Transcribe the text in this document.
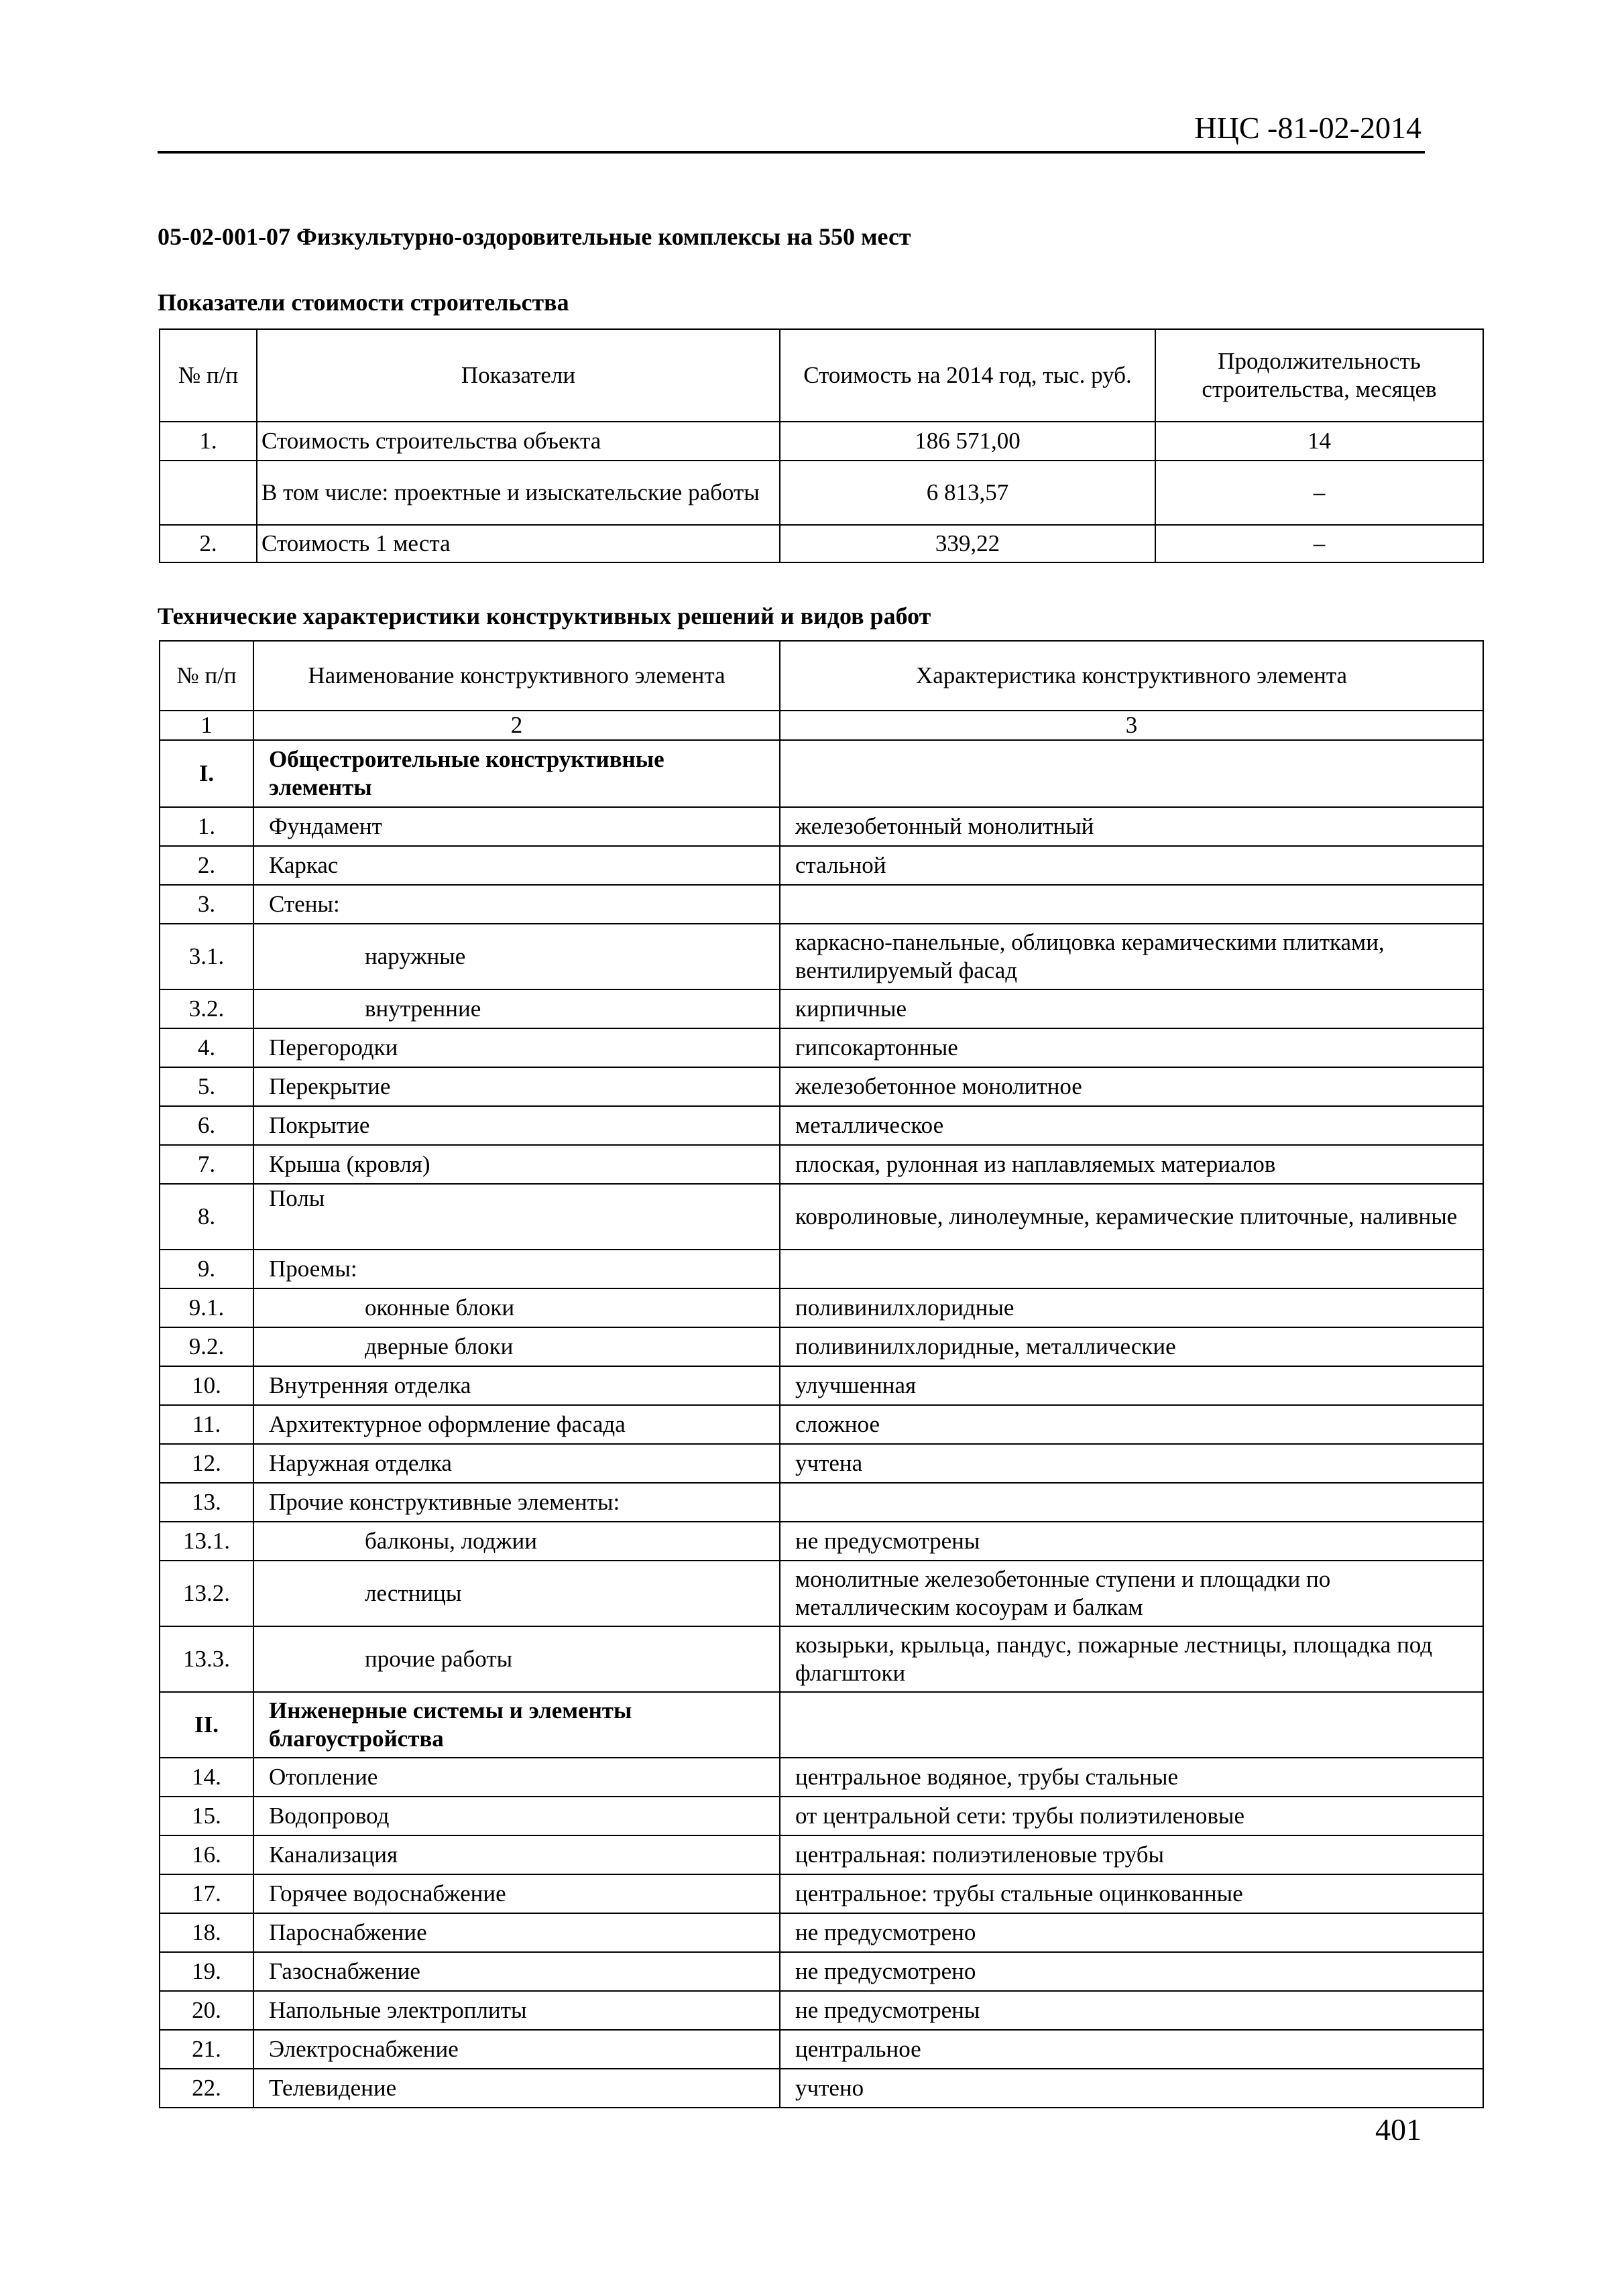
НЦС -81-02-2014
05-02-001-07 Физкультурно-оздоровительные комплексы на 550 мест
Показатели стоимости строительства
№ п/п	Показатели	Стоимость на 2014 год, тыс. руб.	Продолжительность строительства, месяцев
1.	Стоимость строительства объекта	186 571,00	14
	В том числе: проектные и изыскательские работы	6 813,57	–
2.	Стоимость 1 места	339,22	–
Технические характеристики конструктивных решений и видов работ
№ п/п	Наименование конструктивного элемента	Характеристика конструктивного элемента
1	2	3
I.	Общестроительные конструктивные элементы	
1.	Фундамент	железобетонный монолитный
2.	Каркас	стальной
3.	Стены:	
3.1.	наружные	каркасно-панельные, облицовка керамическими плитками, вентилируемый фасад
3.2.	внутренние	кирпичные
4.	Перегородки	гипсокартонные
5.	Перекрытие	железобетонное монолитное
6.	Покрытие	металлическое
7.	Крыша (кровля)	плоская, рулонная из наплавляемых материалов
8.	Полы	ковролиновые, линолеумные, керамические плиточные, наливные
9.	Проемы:	
9.1.	оконные блоки	поливинилхлоридные
9.2.	дверные блоки	поливинилхлоридные, металлические
10.	Внутренняя отделка	улучшенная
11.	Архитектурное оформление фасада	сложное
12.	Наружная отделка	учтена
13.	Прочие конструктивные элементы:	
13.1.	балконы, лоджии	не предусмотрены
13.2.	лестницы	монолитные железобетонные ступени и площадки по металлическим косоурам и балкам
13.3.	прочие работы	козырьки, крыльца, пандус, пожарные лестницы, площадка под флагштоки
II.	Инженерные системы и элементы благоустройства	
14.	Отопление	центральное водяное, трубы стальные
15.	Водопровод	от центральной сети: трубы полиэтиленовые
16.	Канализация	центральная: полиэтиленовые трубы
17.	Горячее водоснабжение	центральное: трубы стальные оцинкованные
18.	Пароснабжение	не предусмотрено
19.	Газоснабжение	не предусмотрено
20.	Напольные электроплиты	не предусмотрены
21.	Электроснабжение	центральное
22.	Телевидение	учтено
401
